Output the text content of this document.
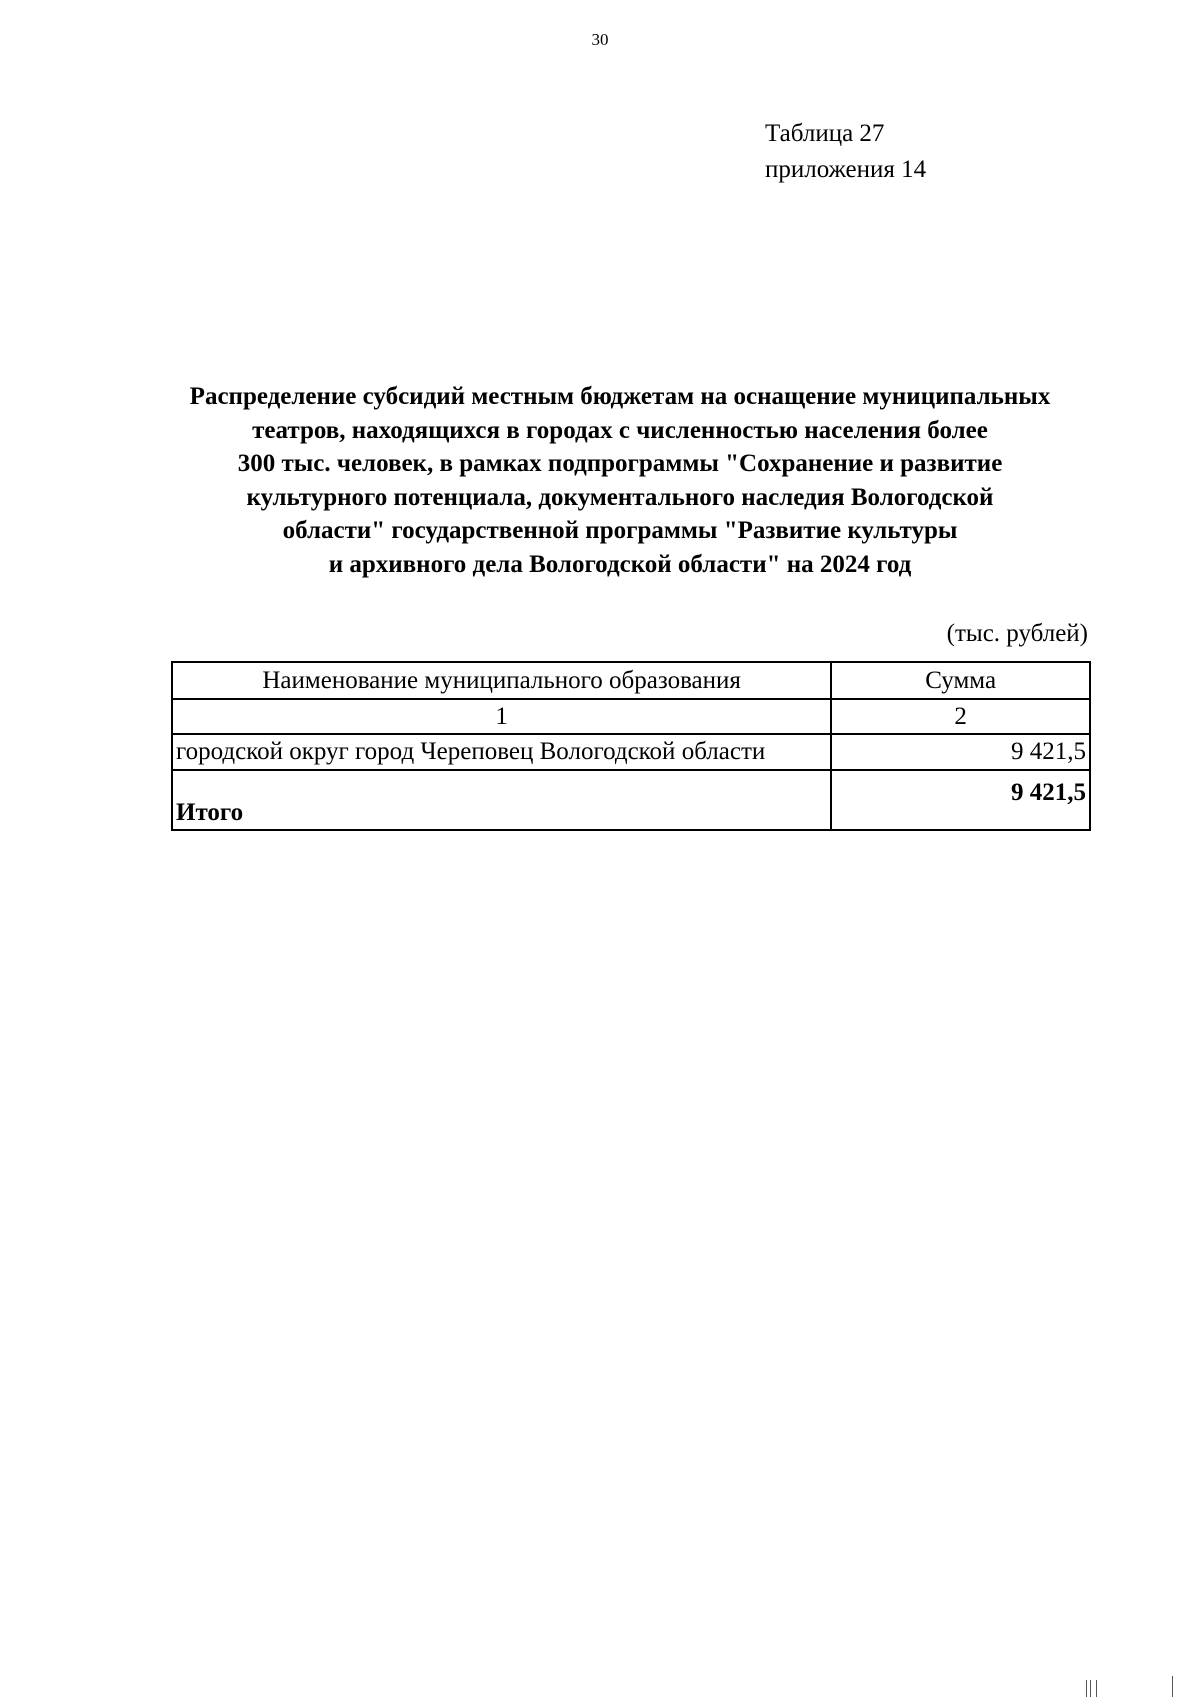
30
Таблица 27
приложения 14
Распределение субсидий местным бюджетам на оснащение муниципальных
театров, находящихся в городах с численностью населения более
300 тыс. человек, в рамках подпрограммы "Сохранение и развитие
культурного потенциала, документального наследия Вологодской
области" государственной программы "Развитие культуры
и архивного дела Вологодской области" на 2024 год
(тыс. рублей)
Наименование муниципального образования	Сумма
1	2
городской округ город Череповец Вологодской области	9 421,5
Итого	9 421,5
